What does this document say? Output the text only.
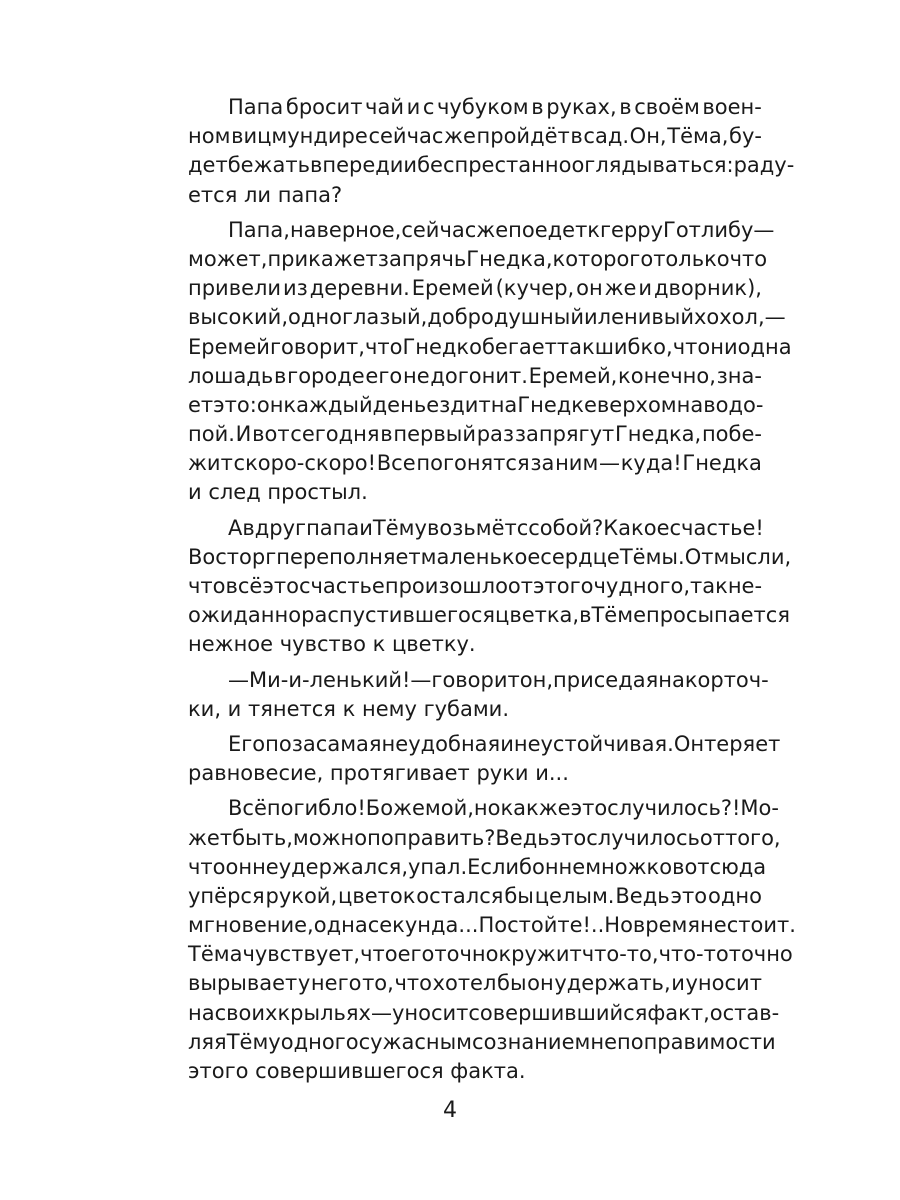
Папа бросит чай и с чубуком в руках, в своём воен-
ном вицмундире сейчас же пройдёт в сад. Он, Тёма, бу-
дет бежать впереди и беспрестанно оглядываться: раду-
ется ли папа?
Папа, наверное, сейчас же поедет к герру Готлибу —
может, прикажет запрячь Гнедка, которого только что
привели из деревни. Еремей (кучер, он же и дворник),
высокий, одноглазый, добродушный и ленивый хохол, —
Еремей говорит, что Гнедко бегает так шибко, что ни одна
лошадь в городе его не догонит. Еремей, конечно, зна-
ет это: он каждый день ездит на Гнедке верхом на водо-
пой. И вот сегодня в первый раз запрягут Гнедка, побе-
жит скоро-скоро! Все погонятся за ним — куда! Гнедка
и след простыл.
А вдруг папа и Тёму возьмёт с собой? Какое счастье!
Восторг переполняет маленькое сердце Тёмы. От мысли,
что всё это счастье произошло от этого чудного, так не-
ожиданно распустившегося цветка, в Тёме просыпается
нежное чувство к цветку.
— Ми-и-ленький! — говорит он, приседая на корточ-
ки, и тянется к нему губами.
Его поза самая неудобная и неустойчивая. Он теряет
равновесие, протягивает руки и...
Всё погибло! Боже мой, но как же это случилось?! Мо-
жет быть, можно поправить? Ведь это случилось оттого,
что он не удержался, упал. Если б он немножко вот сюда
упёрся рукой, цветок остался бы целым. Ведь это одно
мгновение, одна секунда... Постойте!.. Но время не стоит.
Тёма чувствует, что его точно кружит что-то, что-то точно
вырывает у него то, что хотел бы он удержать, и уносит
на своих крыльях — уносит совершившийся факт, остав-
ляя Тёму одного с ужасным сознанием непоправимости
этого совершившегося факта.
4
